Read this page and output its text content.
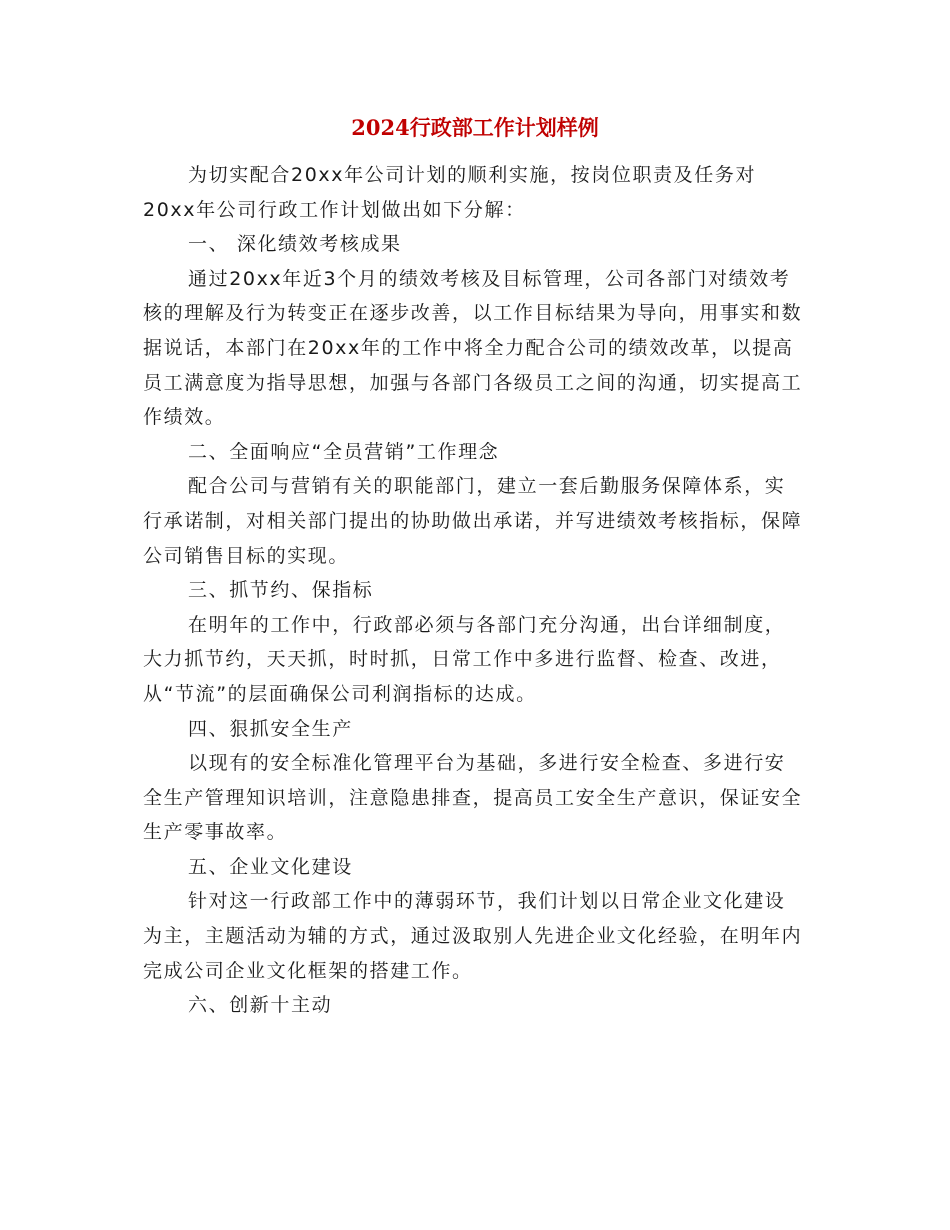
2024行政部工作计划样例

为切实配合20xx年公司计划的顺利实施，按岗位职责及任务对20xx年公司行政工作计划做出如下分解：

一、 深化绩效考核成果

通过20xx年近3个月的绩效考核及目标管理，公司各部门对绩效考核的理解及行为转变正在逐步改善，以工作目标结果为导向，用事实和数据说话，本部门在20xx年的工作中将全力配合公司的绩效改革，以提高员工满意度为指导思想，加强与各部门各级员工之间的沟通，切实提高工作绩效。

二、全面响应“全员营销”工作理念

配合公司与营销有关的职能部门，建立一套后勤服务保障体系，实行承诺制，对相关部门提出的协助做出承诺，并写进绩效考核指标，保障公司销售目标的实现。

三、抓节约、保指标

在明年的工作中，行政部必须与各部门充分沟通，出台详细制度，大力抓节约，天天抓，时时抓，日常工作中多进行监督、检查、改进，从“节流”的层面确保公司利润指标的达成。

四、狠抓安全生产

以现有的安全标准化管理平台为基础，多进行安全检查、多进行安全生产管理知识培训，注意隐患排查，提高员工安全生产意识，保证安全生产零事故率。

五、企业文化建设

针对这一行政部工作中的薄弱环节，我们计划以日常企业文化建设为主，主题活动为辅的方式，通过汲取别人先进企业文化经验，在明年内完成公司企业文化框架的搭建工作。

六、创新十主动
